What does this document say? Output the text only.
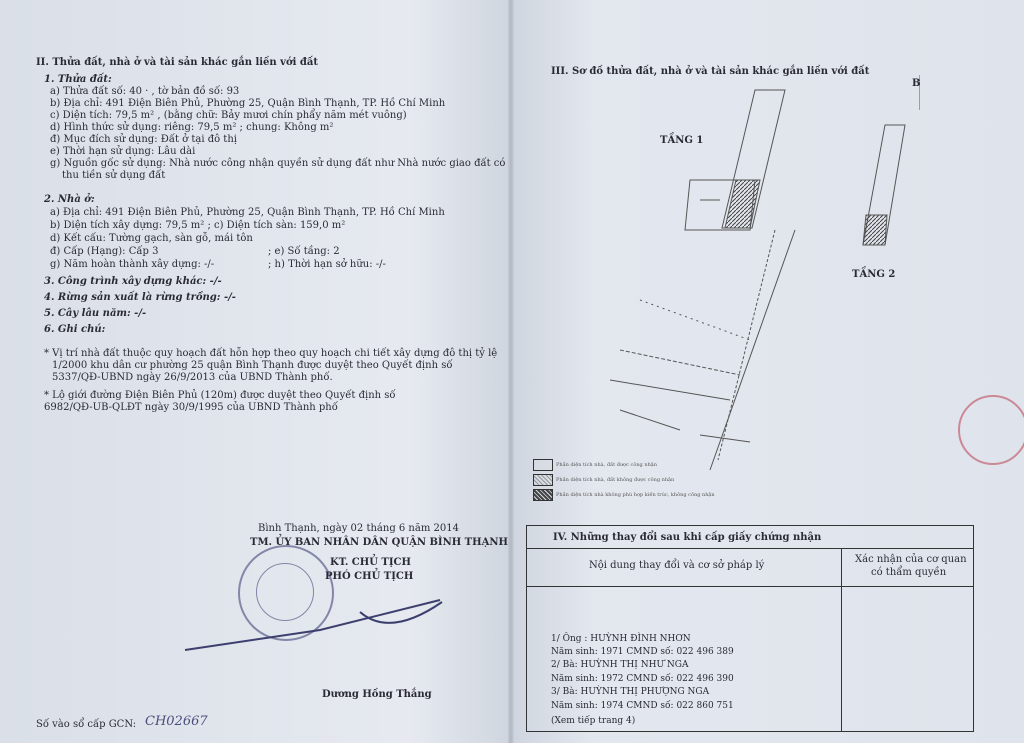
II. Thửa đất, nhà ở và tài sản khác gắn liền với đất
1. Thửa đất:
a) Thửa đất số: 40 · , tờ bản đồ số: 93
b) Địa chỉ: 491 Điện Biên Phủ, Phường 25, Quận Bình Thạnh, TP. Hồ Chí Minh
c) Diện tích: 79,5 m² , (bằng chữ: Bảy mươi chín phẩy năm mét vuông)
d) Hình thức sử dụng: riêng: 79,5 m² ; chung: Không m²
đ) Mục đích sử dụng: Đất ở tại đô thị
e) Thời hạn sử dụng: Lâu dài
g) Nguồn gốc sử dụng: Nhà nước công nhận quyền sử dụng đất như Nhà nước giao đất có
thu tiền sử dụng đất
2. Nhà ở:
a) Địa chỉ: 491 Điện Biên Phủ, Phường 25, Quận Bình Thạnh, TP. Hồ Chí Minh
b) Diện tích xây dựng: 79,5 m² ; c) Diện tích sàn: 159,0 m²
d) Kết cấu: Tường gạch, sàn gỗ, mái tôn
đ) Cấp (Hạng): Cấp 3	; e) Số tầng: 2
g) Năm hoàn thành xây dựng: -/-	; h) Thời hạn sở hữu: -/-
3. Công trình xây dựng khác: -/-
4. Rừng sản xuất là rừng trồng: -/-
5. Cây lâu năm: -/-
6. Ghi chú:
* Vị trí nhà đất thuộc quy hoạch đất hỗn hợp theo quy hoạch chi tiết xây dựng đô thị tỷ lệ
1/2000 khu dân cư phường 25 quận Bình Thạnh được duyệt theo Quyết định số
5337/QĐ-UBND ngày 26/9/2013 của UBND Thành phố.
* Lộ giới đường Điện Biên Phủ (120m) được duyệt theo Quyết định số
6982/QĐ-UB-QLĐT ngày 30/9/1995 của UBND Thành phố
Bình Thạnh, ngày 02 tháng 6 năm 2014
TM. ỦY BAN NHÂN DÂN QUẬN BÌNH THẠNH
KT. CHỦ TỊCH
PHÓ CHỦ TỊCH
Dương Hồng Thắng
Số vào sổ cấp GCN: CH02667
III. Sơ đồ thửa đất, nhà ở và tài sản khác gắn liền với đất
TẦNG 1
TẦNG 2
B
Phần diện tích nhà, đất được công nhận
Phần diện tích nhà, đất không được công nhận
Phần diện tích nhà không phù hợp kiến trúc, không công nhận
IV. Những thay đổi sau khi cấp giấy chứng nhận
Nội dung thay đổi và cơ sở pháp lý
Xác nhận của cơ quan
có thẩm quyền
1/ Ông : HUỲNH ĐÌNH NHƠN
Năm sinh: 1971 CMND số: 022 496 389
2/ Bà: HUỲNH THỊ NHƯ NGA
Năm sinh: 1972 CMND số: 022 496 390
3/ Bà: HUỲNH THỊ PHƯỢNG NGA
Năm sinh: 1974 CMND số: 022 860 751
(Xem tiếp trang 4)
